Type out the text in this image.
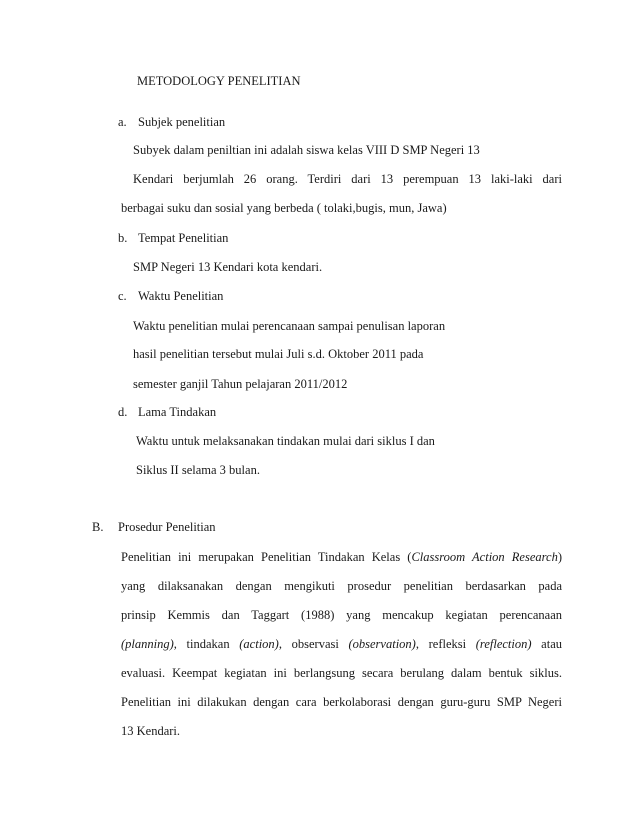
METODOLOGY PENELITIAN
a. Subjek penelitian
Subyek dalam peniltian ini adalah siswa kelas VIII D SMP Negeri 13
Kendari berjumlah 26 orang. Terdiri dari 13 perempuan 13 laki-laki dari
berbagai suku dan sosial yang berbeda ( tolaki,bugis, mun, Jawa)
b. Tempat Penelitian
SMP Negeri 13 Kendari kota kendari.
c. Waktu Penelitian
Waktu penelitian mulai perencanaan sampai penulisan laporan
hasil penelitian tersebut mulai Juli s.d. Oktober 2011 pada
semester ganjil Tahun pelajaran 2011/2012
d. Lama Tindakan
Waktu untuk melaksanakan tindakan mulai dari siklus I dan
Siklus II selama 3 bulan.
B. Prosedur Penelitian
Penelitian ini merupakan Penelitian Tindakan Kelas (Classroom Action Research)
yang dilaksanakan dengan mengikuti prosedur penelitian berdasarkan pada
prinsip Kemmis dan Taggart (1988) yang mencakup kegiatan perencanaan
(planning), tindakan (action), observasi (observation), refleksi (reflection) atau
evaluasi. Keempat kegiatan ini berlangsung secara berulang dalam bentuk siklus.
Penelitian ini dilakukan dengan cara berkolaborasi dengan guru-guru SMP Negeri
13 Kendari.
